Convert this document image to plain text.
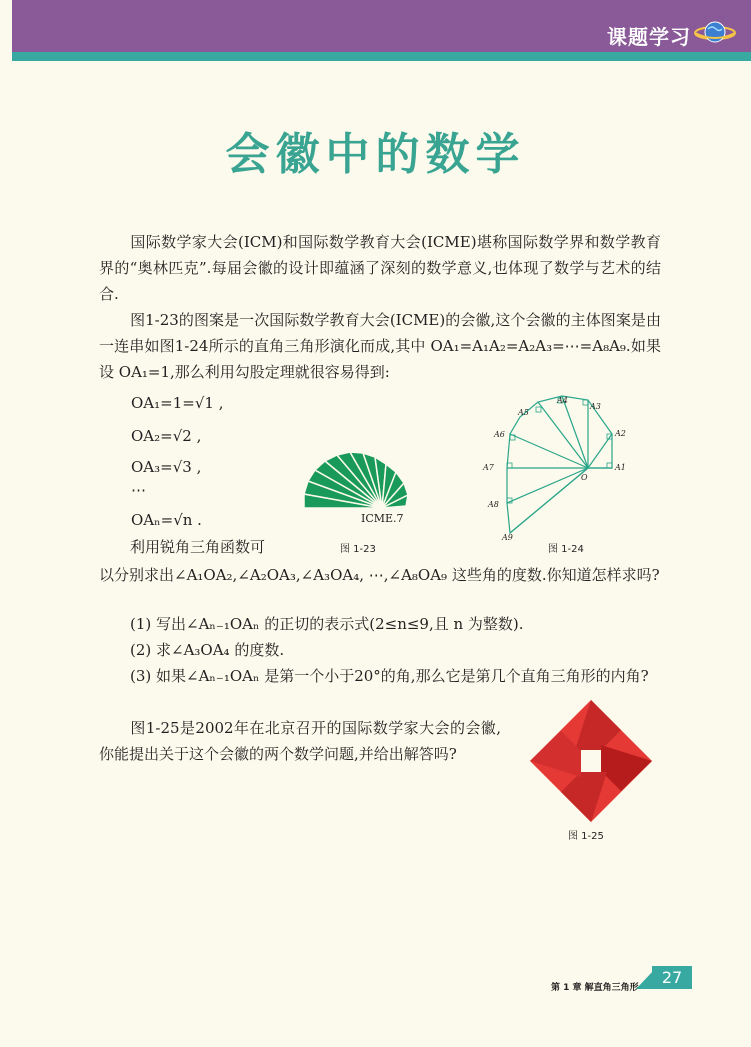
课题学习
会徽中的数学
国际数学家大会(ICM)和国际数学教育大会(ICME)堪称国际数学界和数学教育界的“奥林匹克”.每届会徽的设计即蕴涵了深刻的数学意义,也体现了数学与艺术的结合.
图1-23的图案是一次国际数学教育大会(ICME)的会徽,这个会徽的主体图案是由一连串如图1-24所示的直角三角形演化而成,其中 OA₁=A₁A₂=A₂A₃=⋯=A₈A₉.如果设 OA₁=1,那么利用勾股定理就很容易得到:
OA₁=1=√1 ,
OA₂=√2 ,
OA₃=√3 ,
⋯
OAₙ=√n .	ICME.7
图 1-23
O
A1
A2
A3
A4
A5
A6
A7
A8
A9
图 1-24
利用锐角三角函数可
以分别求出∠A₁OA₂,∠A₂OA₃,∠A₃OA₄, ⋯,∠A₈OA₉ 这些角的度数.你知道怎样求吗?
(1) 写出∠Aₙ₋₁OAₙ 的正切的表示式(2≤n≤9,且 n 为整数).
(2) 求∠A₃OA₄ 的度数.
(3) 如果∠Aₙ₋₁OAₙ 是第一个小于20°的角,那么它是第几个直角三角形的内角?
图1-25是2002年在北京召开的国际数学家大会的会徽,你能提出关于这个会徽的两个数学问题,并给出解答吗?
图 1-25
第 1 章 解直角三角形
27
